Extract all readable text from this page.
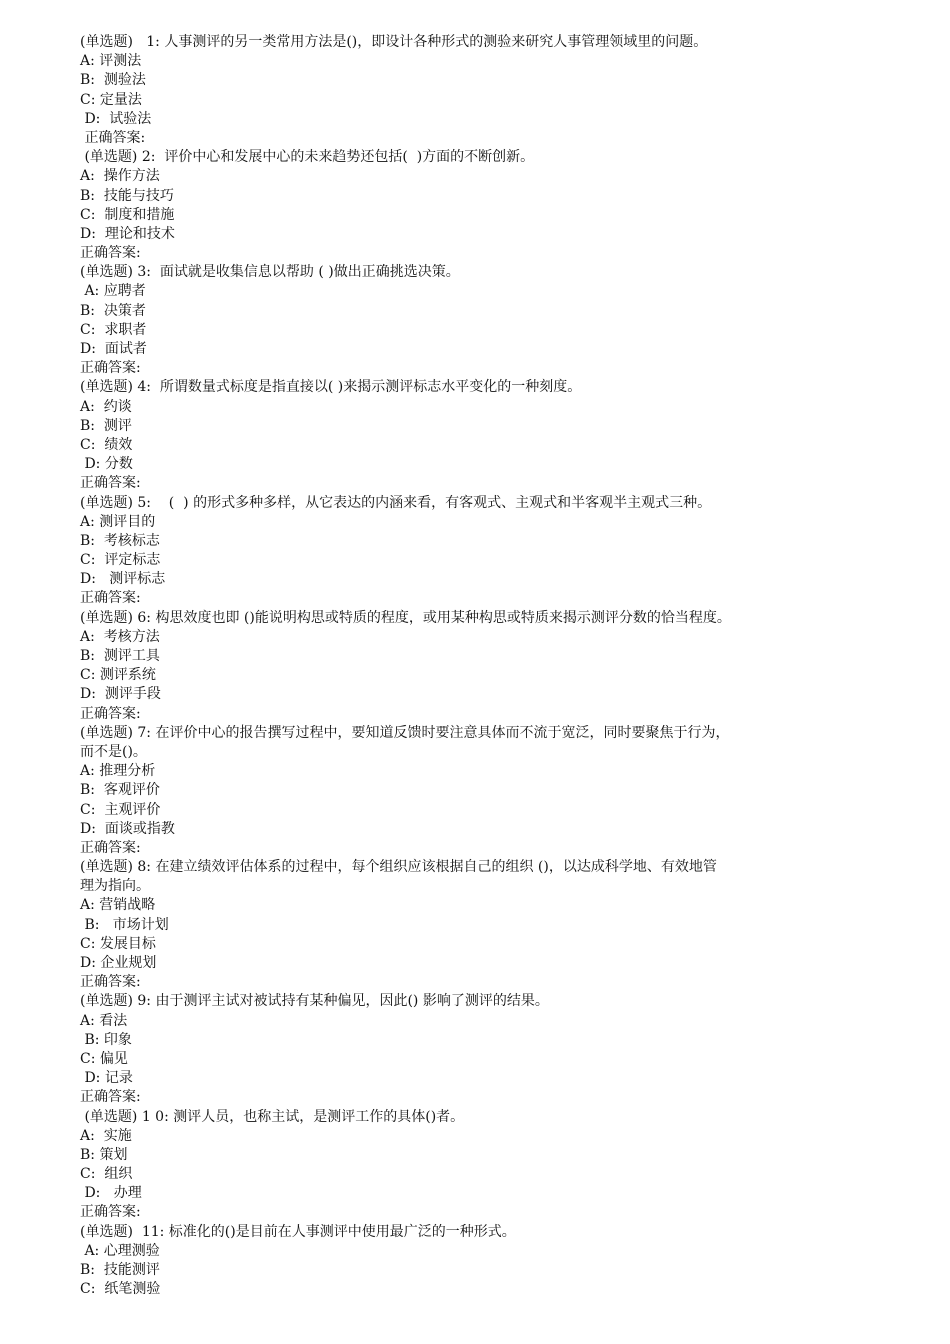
(单选题)   1: 人事测评的另一类常用方法是()，即设计各种形式的测验来研究人事管理领域里的问题。
A: 评测法
B:  测验法
C: 定量法
D:  试验法
正确答案:
(单选题) 2:  评价中心和发展中心的未来趋势还包括(  )方面的不断创新。
A:  操作方法
B:  技能与技巧
C:  制度和措施
D:  理论和技术
正确答案:
(单选题) 3:  面试就是收集信息以帮助 ( )做出正确挑选决策。
A: 应聘者
B:  决策者
C:  求职者
D:  面试者
正确答案:
(单选题) 4:  所谓数量式标度是指直接以( )来揭示测评标志水平变化的一种刻度。
A:  约谈
B:  测评
C:  绩效
D: 分数
正确答案:
(单选题) 5:    (  ) 的形式多种多样，从它表达的内涵来看，有客观式、主观式和半客观半主观式三种。
A: 测评目的
B:  考核标志
C:  评定标志
D:   测评标志
正确答案:
(单选题) 6: 构思效度也即 ()能说明构思或特质的程度，或用某种构思或特质来揭示测评分数的恰当程度。
A:  考核方法
B:  测评工具
C: 测评系统
D:  测评手段
正确答案:
(单选题) 7: 在评价中心的报告撰写过程中，要知道反馈时要注意具体而不流于宽泛，同时要聚焦于行为，
而不是()。
A: 推理分析
B:  客观评价
C:  主观评价
D:  面谈或指教
正确答案:
(单选题) 8: 在建立绩效评估体系的过程中，每个组织应该根据自己的组织 ()，以达成科学地、有效地管
理为指向。
A: 营销战略
B:   市场计划
C: 发展目标
D: 企业规划
正确答案:
(单选题) 9: 由于测评主试对被试持有某种偏见，因此() 影响了测评的结果。
A: 看法
B: 印象
C: 偏见
D: 记录
正确答案:
(单选题) 1 0: 测评人员，也称主试，是测评工作的具体()者。
A:  实施
B: 策划
C:  组织
D:   办理
正确答案:
(单选题)  11: 标准化的()是目前在人事测评中使用最广泛的一种形式。
A: 心理测验
B:  技能测评
C:  纸笔测验
